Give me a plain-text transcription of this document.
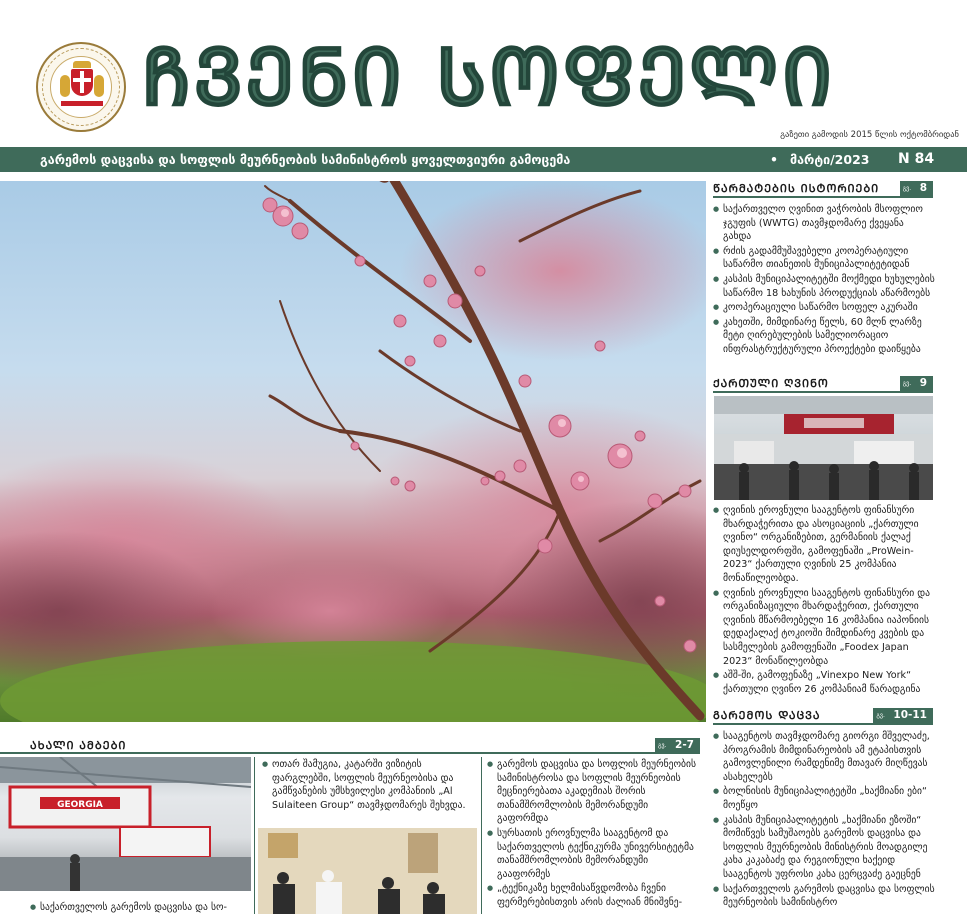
ᲩᲕᲔᲜᲘ ᲡᲝᲤᲔᲚᲘ
გაზეთი გამოდის 2015 წლის ოქტომბრიდან
გარემოს დაცვისა და სოფლის მეურნეობის სამინისტროს ყოველთვიური გამოცემა	• მარტი/2023 N 84
ᲬᲐᲠᲛᲐᲢᲔᲑᲘᲡ ᲘᲡᲢᲝᲠᲘᲔᲑᲘ	გვ. 8
● საქართველო ღვინით ვაჭრობის მსოფლიო ჯგუფის (WWTG) თავმჯდომარე ქვეყანა გახდა
● რძის გადამმუშავებელი კოოპერატიული საწარმო თიანეთის მუნიციპალიტეტიდან
● კასპის მუნიციპალიტეტში მოქმედი ხუხულების საწარმო 18 ხახუნის პროდუქციას აწარმოებს
● კოოპერაციული საწარმო სოფელ აკურაში
● კახეთში, მიმდინარე წელს, 60 მლნ ლარზე მეტი ღირებულების სამელიორაციო ინფრასტრუქტურული პროექტები დაიწყება
ᲥᲐᲠᲗᲣᲚᲘ ᲦᲕᲘᲜᲝ	გვ. 9
● ღვინის ეროვნული სააგენტოს ფინანსური მხარდაჭერითა და ასოციაციის „ქართული ღვინო“ ორგანიზებით, გერმანიის ქალაქ დიუსელდორფში, გამოფენაში „ProWein-2023“ ქართული ღვინის 25 კომპანია მონაწილეობდა.
● ღვინის ეროვნული სააგენტოს ფინანსური და ორგანიზაციული მხარდაჭერით, ქართული ღვინის მწარმოებელი 16 კომპანია იაპონიის დედაქალაქ ტოკიოში მიმდინარე კვების და სასმელების გამოფენაში „Foodex Japan 2023“ მონაწილეობდა
● აშშ-ში, გამოფენაზე „Vinexpo New York“ ქართული ღვინო 26 კომპანიამ წარადგინა
ᲒᲐᲠᲔᲛᲝᲡ ᲓᲐᲪᲕᲐ	გვ. 10-11
● სააგენტოს თავმჯდომარე გიორგი მშველაძე, პროგრამის მიმდინარეობის ამ ეტაპისთვის გამოვლენილი რამდენიმე მთავარ მიღწევას ასახელებს
● ბოლნისის მუნიციპალიტეტში „ხაქმიანი ები“ მოეწყო
● კასპის მუნიციპალიტეტის „ხაქმიანი ეზოში“ მომიწვეს სამუშაოებს გარემოს დაცვისა და სოფლის მეურნეობის მინისტრის მოადგილე კახა კაკაბაძე და რეგიონული ხაქეიდ სააგენტოს უფროსი კახა ცერცვაძე გაეცნენ
● საქართველოს გარემოს დაცვისა და სოფლის მეურნეობის სამინისტრო
ᲐᲮᲐᲚᲘ ᲐᲛᲑᲔᲑᲘ	გვ. 2-7
GEORGIA
● საქართველოს გარემოს დაცვისა და სო-
● ოთარ შამუგია, კატარში ვიზიტის ფარგლებში, სოფლის მეურნეობისა და გამწვანების უმსხვილესი კომპანიის „Al Sulaiteen Group“ თავმჯდომარეს შეხვდა.
● გარემოს დაცვისა და სოფლის მეურნეობის სამინისტროსა და სოფლის მეურნეობის მეცნიერებათა აკადემიას შორის თანამშრომლობის მემორანდუმი გაფორმდა
● სურსათის ეროვნულმა სააგენტომ და საქართველოს ტექნიკურმა უნივერსიტეტმა თანამშრომლობის მემორანდუმი გააფორმეს
● „ტექნიკაზე ხელმისაწვდომობა ჩვენი ფერმერებისთვის არის ძალიან მნიშვნე-
